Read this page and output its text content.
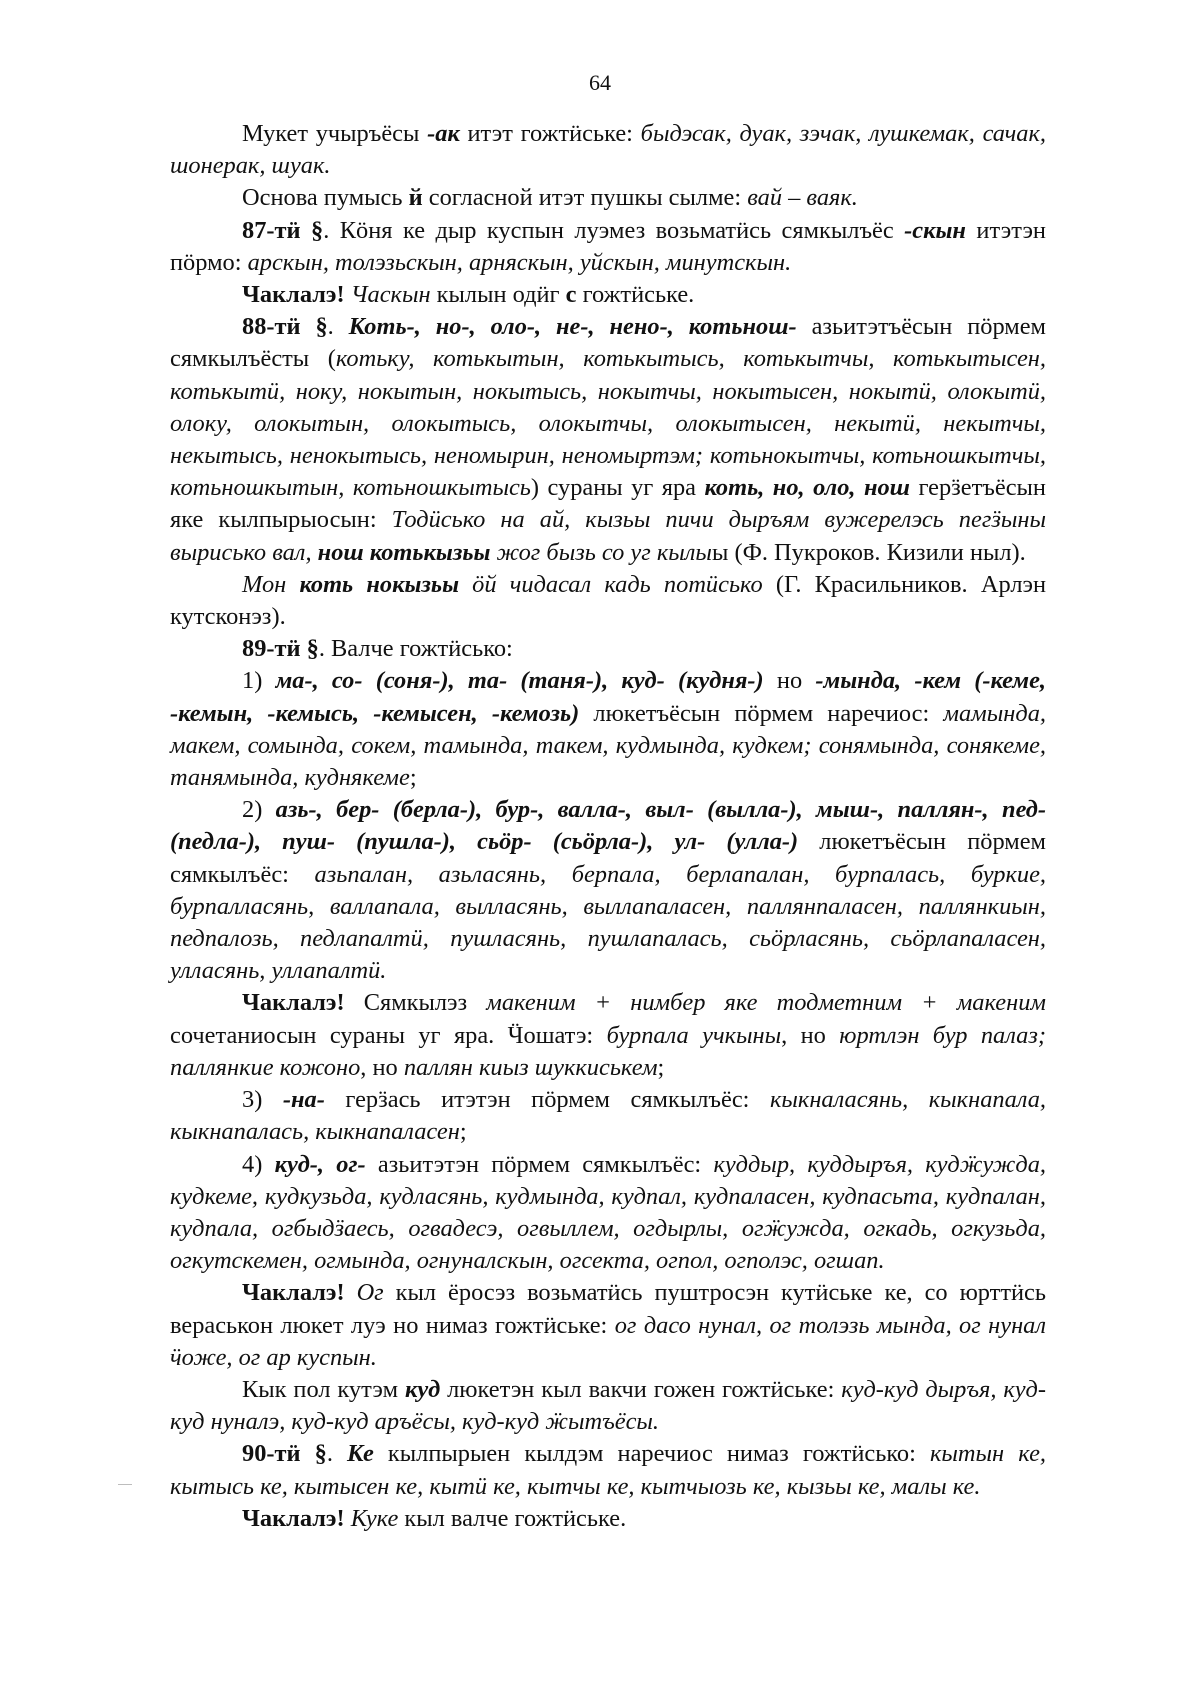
64

Мукет учыръёсы -ак итэт гожтӥське: быдэсак, дуак, зэчак, лушкемак, сачак, шонерак, шуак.

Основа пумысь й согласной итэт пушкы сылме: вай – ваяк.

87-тӥ §. Кӧня ке дыр куспын луэмез возьматӥсь сямкылъёс -скын итэтэн пӧрмо: арскын, толэзьскын, арняскын, уйскын, минутскын.

Чаклалэ! Часкын кылын одӥг с гожтӥське.

88-тӥ §. Коть-, но-, оло-, не-, нено-, котьнош- азьитэтъёсын пӧрмем сямкылъёсты (котьку, котькытын, котькытысь, котькытчы, котькытысен, котькытӥ, ноку, нокытын, нокытысь, нокытчы, нокытысен, нокытӥ, олокытӥ, олоку, олокытын, олокытысь, олокытчы, олокытысен, некытӥ, некытчы, некытысь, ненокытысь, неномырин, неномыртэм; котьнокытчы, котьношкытчы, котьношкытын, котьношкытысь) сураны уг яра коть, но, оло, нош герӟетъёсын яке кылпырыосын: Тодӥсько на ай, кызьы пичи дыръям вужерелэсь пегӟыны вырисько вал, нош котькызьы жог бызь со уг кылыы (Ф. Пукроков. Кизили ныл).

Мон коть нокызьы ӧй чидасал кадь потӥсько (Г. Красильников. Арлэн кутсконэз).

89-тӥ §. Валче гожтӥсько:

1) ма-, со- (соня-), та- (таня-), куд- (кудня-) но -мында, -кем (-кеме, -кемын, -кемысь, -кемысен, -кемозь) люкетъёсын пӧрмем наречиос: мамында, макем, сомында, сокем, тамында, такем, кудмында, кудкем; сонямында, сонякеме, танямында, куднякеме;

2) азь-, бер- (берла-), бур-, валла-, выл- (вылла-), мыш-, паллян-, пед- (педла-), пуш- (пушла-), сьӧр- (сьӧрла-), ул- (улла-) люкетъёсын пӧрмем сямкылъёс: азьпалан, азьласянь, берпала, берлапалан, бурпалась, буркие, бурпалласянь, валлапала, вылласянь, выллапаласен, паллянпаласен, паллянкиын, педпалозь, педлапалтӥ, пушласянь, пушлапалась, сьӧрласянь, сьӧрлапаласен, улласянь, уллапалтӥ.

Чаклалэ! Сямкылэз макеним + нимбер яке тодметним + макеним сочетаниосын сураны уг яра. Ӵошатэ: бурпала учкыны, но юртлэн бур палаз; паллянкие кожоно, но паллян киыз шуккиськем;

3) -на- герӟась итэтэн пӧрмем сямкылъёс: кыкналасянь, кыкнапала, кыкнапалась, кыкнапаласен;

4) куд-, ог- азьитэтэн пӧрмем сямкылъёс: куддыр, куддыръя, кудӝужда, кудкеме, кудкузьда, кудласянь, кудмында, кудпал, кудпаласен, кудпасьта, кудпалан, кудпала, огбыдӟаесь, огвадесэ, огвыллем, огдырлы, огӝужда, огкадь, огкузьда, огкутскемен, огмында, огнуналскын, огсекта, огпол, огполэс, огшап.

Чаклалэ! Ог кыл ёросэз возьматӥсь пуштросэн кутӥське ке, со юрттӥсь вераськон люкет луэ но нимаз гожтӥське: ог дасо нунал, ог толэзь мында, ог нунал ӵоже, ог ар куспын.

Кык пол кутэм куд люкетэн кыл вакчи гожен гожтӥське: куд-куд дыръя, куд-куд нуналэ, куд-куд аръёсы, куд-куд ӝытъёсы.

90-тӥ §. Ке кылпырыен кылдэм наречиос нимаз гожтӥсько: кытын ке, кытысь ке, кытысен ке, кытӥ ке, кытчы ке, кытчыозь ке, кызьы ке, малы ке.

Чаклалэ! Куке кыл валче гожтӥське.
